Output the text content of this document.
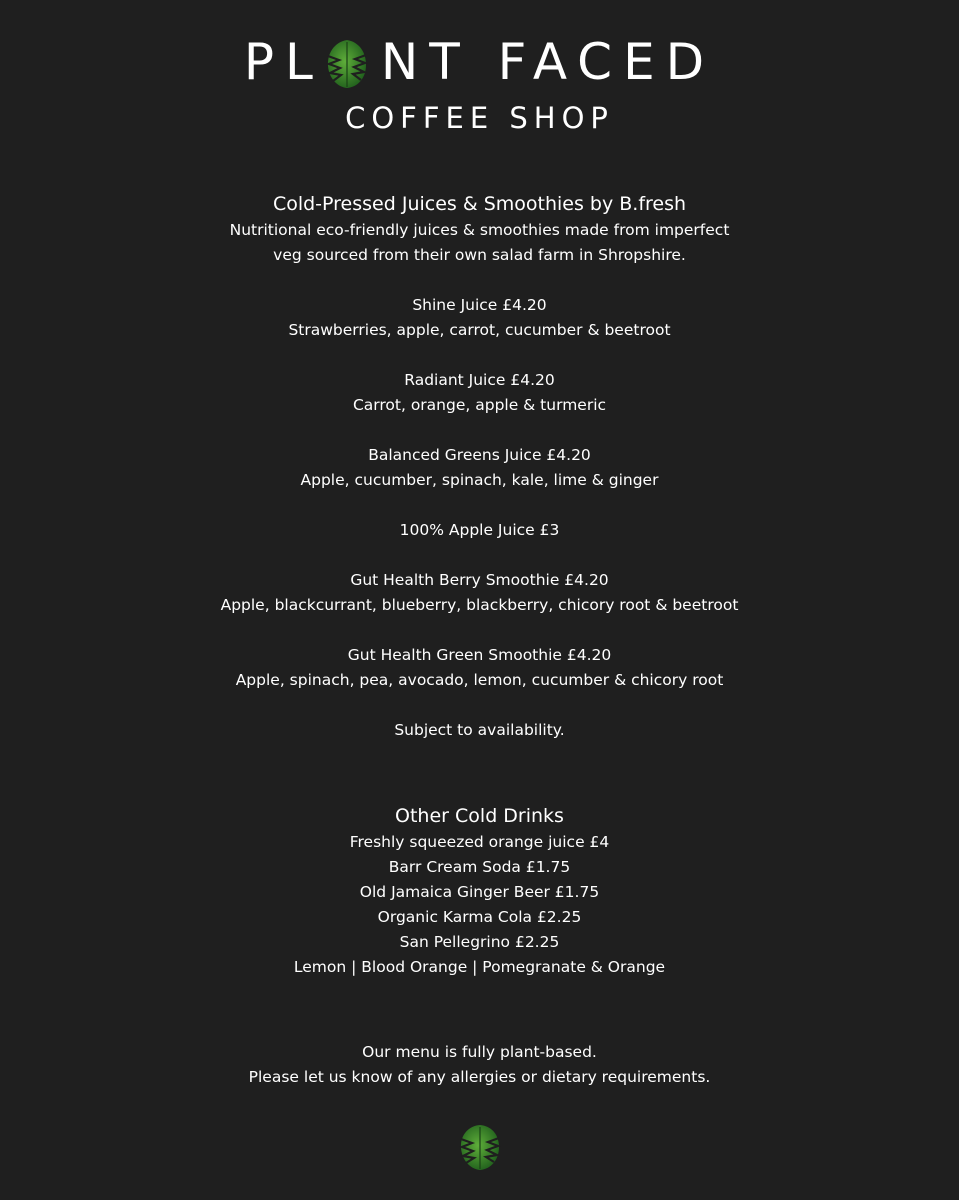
PL NT FACED
COFFEE SHOP
Cold-Pressed Juices & Smoothies by B.fresh
Nutritional eco-friendly juices & smoothies made from imperfect
veg sourced from their own salad farm in Shropshire.
Shine Juice £4.20
Strawberries, apple, carrot, cucumber & beetroot
Radiant Juice £4.20
Carrot, orange, apple & turmeric
Balanced Greens Juice £4.20
Apple, cucumber, spinach, kale, lime & ginger
100% Apple Juice £3
Gut Health Berry Smoothie £4.20
Apple, blackcurrant, blueberry, blackberry, chicory root & beetroot
Gut Health Green Smoothie £4.20
Apple, spinach, pea, avocado, lemon, cucumber & chicory root
Subject to availability.
Other Cold Drinks
Freshly squeezed orange juice £4
Barr Cream Soda £1.75
Old Jamaica Ginger Beer £1.75
Organic Karma Cola £2.25
San Pellegrino £2.25
Lemon | Blood Orange | Pomegranate & Orange
Our menu is fully plant-based.
Please let us know of any allergies or dietary requirements.
